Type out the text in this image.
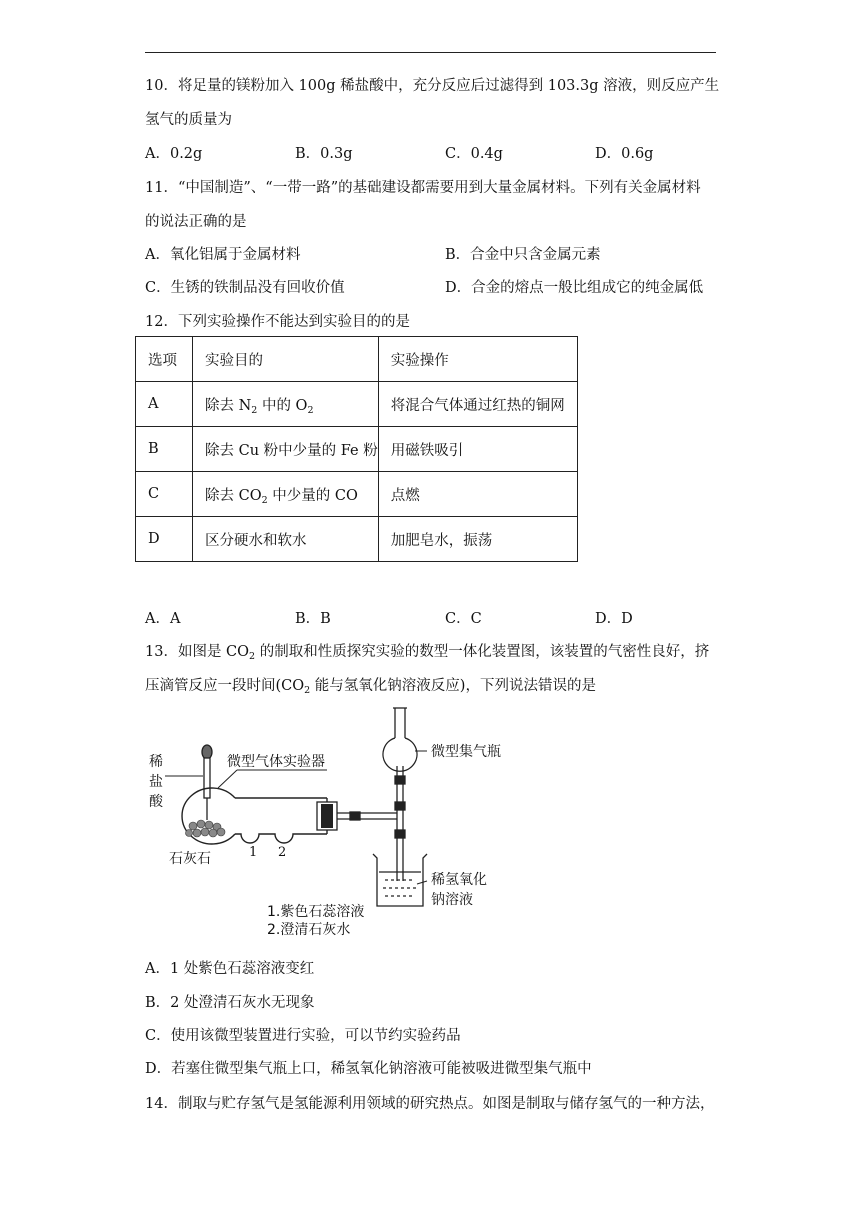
10．将足量的镁粉加入 100g 稀盐酸中，充分反应后过滤得到 103.3g 溶液，则反应产生
氢气的质量为
A．0.2g	B．0.3g	C．0.4g	D．0.6g
11．“中国制造”、“一带一路”的基础建设都需要用到大量金属材料。下列有关金属材料
的说法正确的是
A．氧化铝属于金属材料	B．合金中只含金属元素
C．生锈的铁制品没有回收价值	D．合金的熔点一般比组成它的纯金属低
12．下列实验操作不能达到实验目的的是
选项	实验目的	实验操作
A	除去 $N_2$ 中的 $O_2$	将混合气体通过红热的铜网
B	除去 Cu 粉中少量的 Fe 粉	用磁铁吸引
C	除去 $CO_2$ 中少量的 CO	点燃
D	区分硬水和软水	加肥皂水，振荡
A．A	B．B	C．C	D．D
13．如图是 $CO_2$ 的制取和性质探究实验的数型一体化装置图，该装置的气密性良好，挤
压滴管反应一段时间($CO_2$ 能与氢氧化钠溶液反应)，下列说法错误的是
稀
盐
酸
微型气体实验器
微型集气瓶
石灰石	1 2
稀氢氧化
钠溶液
1.紫色石蕊溶液
2.澄清石灰水
A．1 处紫色石蕊溶液变红
B．2 处澄清石灰水无现象
C．使用该微型装置进行实验，可以节约实验药品
D．若塞住微型集气瓶上口，稀氢氧化钠溶液可能被吸进微型集气瓶中
14．制取与贮存氢气是氢能源利用领域的研究热点。如图是制取与储存氢气的一种方法，
